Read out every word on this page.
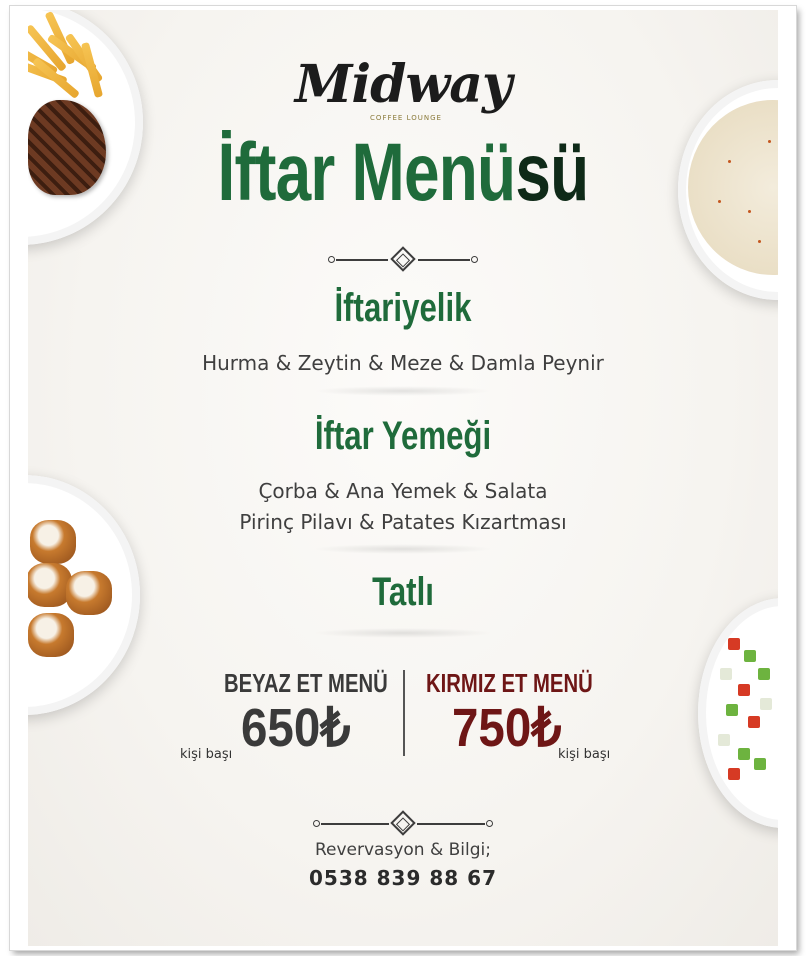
Midway
COFFEE LOUNGE
İftar Menüsü
İftariyelik
Hurma & Zeytin & Meze & Damla Peynir
İftar Yemeği
Çorba & Ana Yemek & Salata
Pirinç Pilavı & Patates Kızartması
Tatlı
BEYAZ ET MENÜ
650₺
kişi başı
KIRMIZ ET MENÜ
750₺
kişi başı
Revervasyon & Bilgi;
0538 839 88 67
